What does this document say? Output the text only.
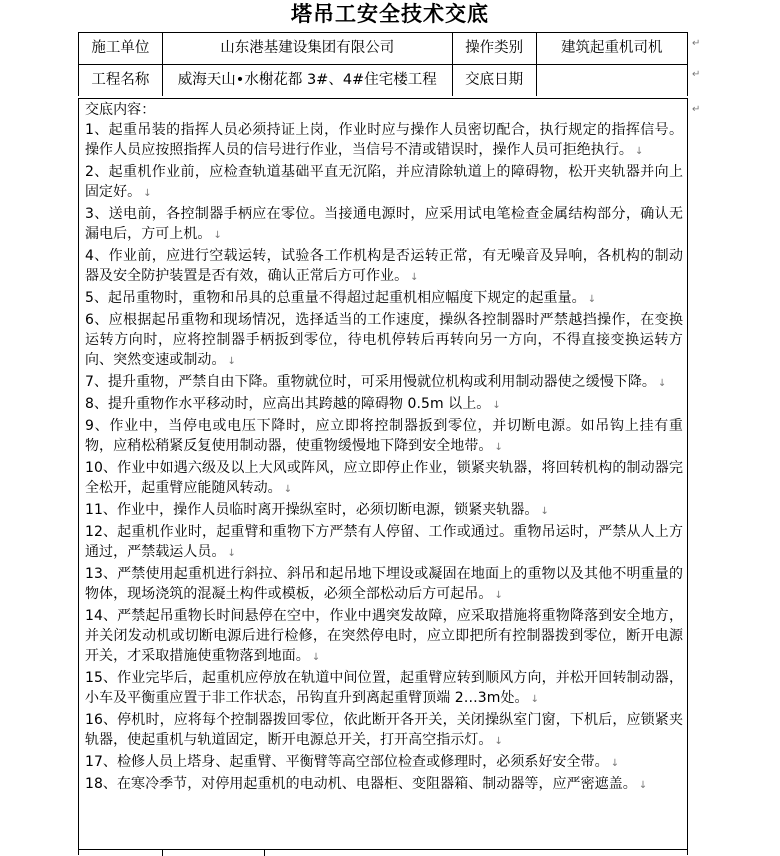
塔吊工安全技术交底
施工单位	山东港基建设集团有限公司	操作类别	建筑起重机司机
工程名称	威海天山•水榭花都 3#、4#住宅楼工程	交底日期
交底内容：
1、起重吊装的指挥人员必须持证上岗，作业时应与操作人员密切配合，执行规定的指挥信号。操作人员应按照指挥人员的信号进行作业，当信号不清或错误时，操作人员可拒绝执行。 ↓
2、起重机作业前，应检查轨道基础平直无沉陷，并应清除轨道上的障碍物，松开夹轨器并向上固定好。 ↓
3、送电前，各控制器手柄应在零位。当接通电源时，应采用试电笔检查金属结构部分，确认无漏电后，方可上机。 ↓
4、作业前，应进行空载运转，试验各工作机构是否运转正常，有无噪音及异响，各机构的制动器及安全防护装置是否有效，确认正常后方可作业。 ↓
5、起吊重物时，重物和吊具的总重量不得超过起重机相应幅度下规定的起重量。 ↓
6、应根据起吊重物和现场情况，选择适当的工作速度，操纵各控制器时严禁越挡操作，在变换运转方向时，应将控制器手柄扳到零位，待电机停转后再转向另一方向，不得直接变换运转方向、突然变速或制动。 ↓
7、提升重物，严禁自由下降。重物就位时，可采用慢就位机构或利用制动器使之缓慢下降。 ↓
8、提升重物作水平移动时，应高出其跨越的障碍物 0.5m 以上。 ↓
9、作业中，当停电或电压下降时，应立即将控制器扳到零位，并切断电源。如吊钩上挂有重物，应稍松稍紧反复使用制动器，使重物缓慢地下降到安全地带。 ↓
10、作业中如遇六级及以上大风或阵风，应立即停止作业，锁紧夹轨器，将回转机构的制动器完全松开，起重臂应能随风转动。 ↓
11、作业中，操作人员临时离开操纵室时，必须切断电源，锁紧夹轨器。 ↓
12、起重机作业时，起重臂和重物下方严禁有人停留、工作或通过。重物吊运时，严禁从人上方通过，严禁载运人员。 ↓
13、严禁使用起重机进行斜拉、斜吊和起吊地下埋设或凝固在地面上的重物以及其他不明重量的物体，现场浇筑的混凝土构件或模板，必须全部松动后方可起吊。 ↓
14、严禁起吊重物长时间悬停在空中，作业中遇突发故障，应采取措施将重物降落到安全地方，并关闭发动机或切断电源后进行检修，在突然停电时，应立即把所有控制器拨到零位，断开电源开关，才采取措施使重物落到地面。 ↓
15、作业完毕后，起重机应停放在轨道中间位置，起重臂应转到顺风方向，并松开回转制动器，小车及平衡重应置于非工作状态，吊钩直升到离起重臂顶端 2…3m处。 ↓
16、停机时，应将每个控制器拨回零位，依此断开各开关，关闭操纵室门窗，下机后，应锁紧夹轨器，使起重机与轨道固定，断开电源总开关，打开高空指示灯。 ↓
17、检修人员上塔身、起重臂、平衡臂等高空部位检查或修理时，必须系好安全带。 ↓
18、在寒冷季节，对停用起重机的电动机、电器柜、变阻器箱、制动器等，应严密遮盖。 ↓
↵
↵
↵
